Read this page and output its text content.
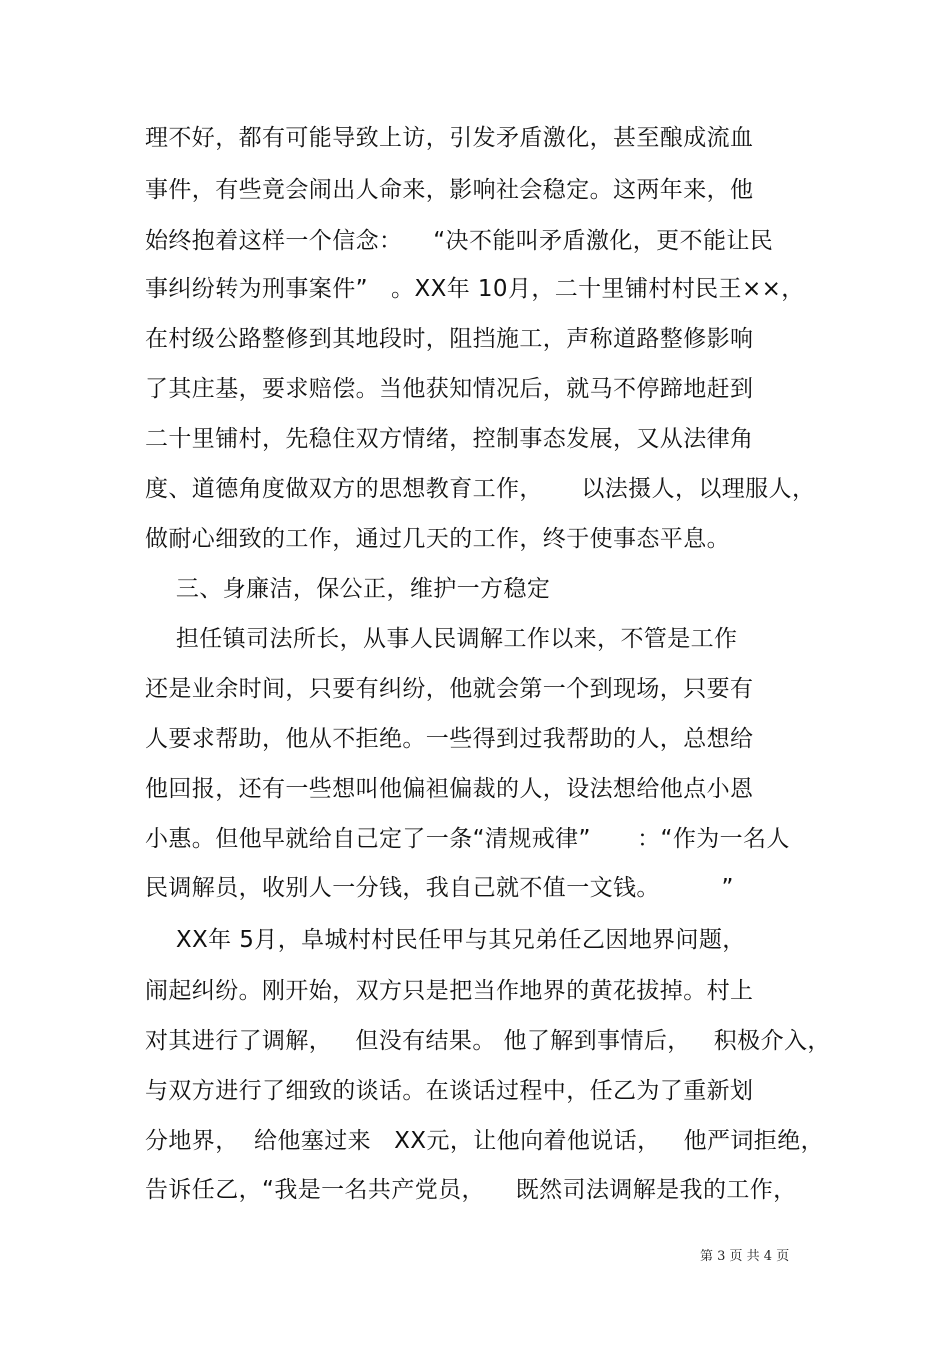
理不好，都有可能导致上访，引发矛盾激化，甚至酿成流血
事件，有些竟会闹出人命来，影响社会稳定。这两年来，他
始终抱着这样一个信念：    “决不能叫矛盾激化，更不能让民
事纠纷转为刑事案件”   。XX年 10月，二十里铺村村民王××，
在村级公路整修到其地段时，阻挡施工，声称道路整修影响
了其庄基，要求赔偿。当他获知情况后，就马不停蹄地赶到
二十里铺村，先稳住双方情绪，控制事态发展，又从法律角
度、道德角度做双方的思想教育工作，     以法摄人，以理服人，
做耐心细致的工作，通过几天的工作，终于使事态平息。
三、身廉洁，保公正，维护一方稳定
担任镇司法所长，从事人民调解工作以来，不管是工作
还是业余时间，只要有纠纷，他就会第一个到现场，只要有
人要求帮助，他从不拒绝。一些得到过我帮助的人，总想给
他回报，还有一些想叫他偏袒偏裁的人，设法想给他点小恩
小惠。但他早就给自己定了一条“清规戒律”      ：“作为一名人
民调解员，收别人一分钱，我自己就不值一文钱。        ”
XX年 5月，阜城村村民任甲与其兄弟任乙因地界问题，
闹起纠纷。刚开始，双方只是把当作地界的黄花拔掉。村上
对其进行了调解，   但没有结果。 他了解到事情后，   积极介入，
与双方进行了细致的谈话。在谈话过程中，任乙为了重新划
分地界，  给他塞过来   XX元，让他向着他说话，   他严词拒绝，
告诉任乙，“我是一名共产党员，    既然司法调解是我的工作，
第 3 页 共 4 页
